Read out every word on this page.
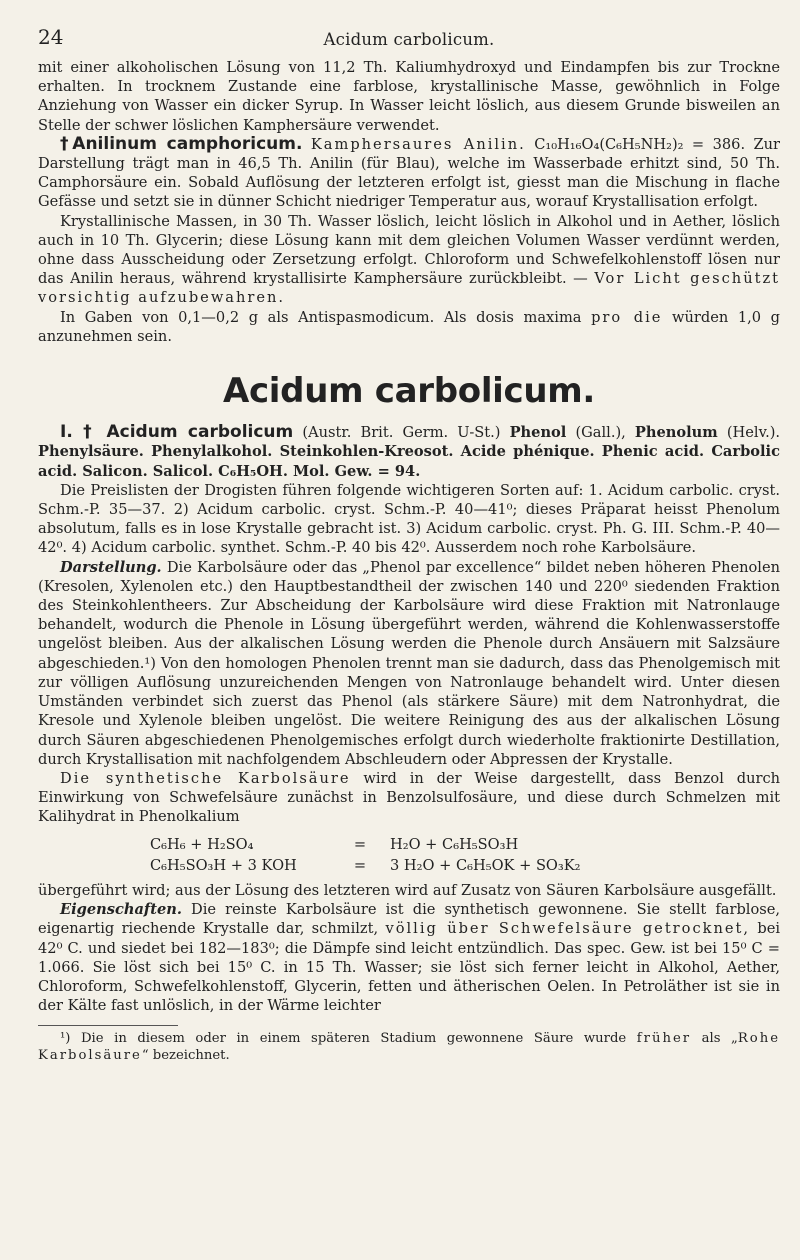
24	Acidum carbolicum.

mit einer alkoholischen Lösung von 11,2 Th. Kaliumhydroxyd und Eindampfen bis zur Trockne erhalten. In trocknem Zustande eine farblose, krystallinische Masse, gewöhnlich in Folge Anziehung von Wasser ein dicker Syrup. In Wasser leicht löslich, aus diesem Grunde bisweilen an Stelle der schwer löslichen Kamphersäure verwendet.

†Anilinum camphoricum. Kamphersaures Anilin. C₁₀H₁₆O₄(C₆H₅NH₂)₂ = 386. Zur Darstellung trägt man in 46,5 Th. Anilin (für Blau), welche im Wasserbade erhitzt sind, 50 Th. Camphorsäure ein. Sobald Auflösung der letzteren erfolgt ist, giesst man die Mischung in flache Gefässe und setzt sie in dünner Schicht niedriger Temperatur aus, worauf Krystallisation erfolgt.

Krystallinische Massen, in 30 Th. Wasser löslich, leicht löslich in Alkohol und in Aether, löslich auch in 10 Th. Glycerin; diese Lösung kann mit dem gleichen Volumen Wasser verdünnt werden, ohne dass Ausscheidung oder Zersetzung erfolgt. Chloroform und Schwefelkohlenstoff lösen nur das Anilin heraus, während krystallisirte Kamphersäure zurückbleibt. — Vor Licht geschützt vorsichtig aufzubewahren.

In Gaben von 0,1—0,2 g als Antispasmodicum. Als dosis maxima pro die würden 1,0 g anzunehmen sein.

Acidum carbolicum.

I. † Acidum carbolicum (Austr. Brit. Germ. U-St.) Phenol (Gall.), Phenolum (Helv.). Phenylsäure. Phenylalkohol. Steinkohlen-Kreosot. Acide phénique. Phenic acid. Carbolic acid. Salicon. Salicol. C₆H₅OH. Mol. Gew. = 94.

Die Preislisten der Drogisten führen folgende wichtigeren Sorten auf: 1. Acidum carbolic. cryst. Schm.-P. 35—37. 2) Acidum carbolic. cryst. Schm.-P. 40—41⁰; dieses Präparat heisst Phenolum absolutum, falls es in lose Krystalle gebracht ist. 3) Acidum carbolic. cryst. Ph. G. III. Schm.-P. 40—42⁰. 4) Acidum carbolic. synthet. Schm.-P. 40 bis 42⁰. Ausserdem noch rohe Karbolsäure.

Darstellung. Die Karbolsäure oder das „Phenol par excellence“ bildet neben höheren Phenolen (Kresolen, Xylenolen etc.) den Hauptbestandtheil der zwischen 140 und 220⁰ siedenden Fraktion des Steinkohlentheers. Zur Abscheidung der Karbolsäure wird diese Fraktion mit Natronlauge behandelt, wodurch die Phenole in Lösung übergeführt werden, während die Kohlenwasserstoffe ungelöst bleiben. Aus der alkalischen Lösung werden die Phenole durch Ansäuern mit Salzsäure abgeschieden.¹) Von den homologen Phenolen trennt man sie dadurch, dass das Phenolgemisch mit zur völligen Auflösung unzureichenden Mengen von Natronlauge behandelt wird. Unter diesen Umständen verbindet sich zuerst das Phenol (als stärkere Säure) mit dem Natronhydrat, die Kresole und Xylenole bleiben ungelöst. Die weitere Reinigung des aus der alkalischen Lösung durch Säuren abgeschiedenen Phenolgemisches erfolgt durch wiederholte fraktionirte Destillation, durch Krystallisation mit nachfolgendem Abschleudern oder Abpressen der Krystalle.

Die synthetische Karbolsäure wird in der Weise dargestellt, dass Benzol durch Einwirkung von Schwefelsäure zunächst in Benzolsulfosäure, und diese durch Schmelzen mit Kalihydrat in Phenolkalium

C₆H₆ + H₂SO₄	=	H₂O + C₆H₅SO₃H
C₆H₅SO₃H + 3 KOH	=	3 H₂O + C₆H₅OK + SO₃K₂

übergeführt wird; aus der Lösung des letzteren wird auf Zusatz von Säuren Karbolsäure ausgefällt.

Eigenschaften. Die reinste Karbolsäure ist die synthetisch gewonnene. Sie stellt farblose, eigenartig riechende Krystalle dar, schmilzt, völlig über Schwefelsäure getrocknet, bei 42⁰ C. und siedet bei 182—183⁰; die Dämpfe sind leicht entzündlich. Das spec. Gew. ist bei 15⁰ C = 1.066. Sie löst sich bei 15⁰ C. in 15 Th. Wasser; sie löst sich ferner leicht in Alkohol, Aether, Chloroform, Schwefelkohlenstoff, Glycerin, fetten und ätherischen Oelen. In Petroläther ist sie in der Kälte fast unlöslich, in der Wärme leichter

¹) Die in diesem oder in einem späteren Stadium gewonnene Säure wurde früher als „Rohe Karbolsäure“ bezeichnet.
